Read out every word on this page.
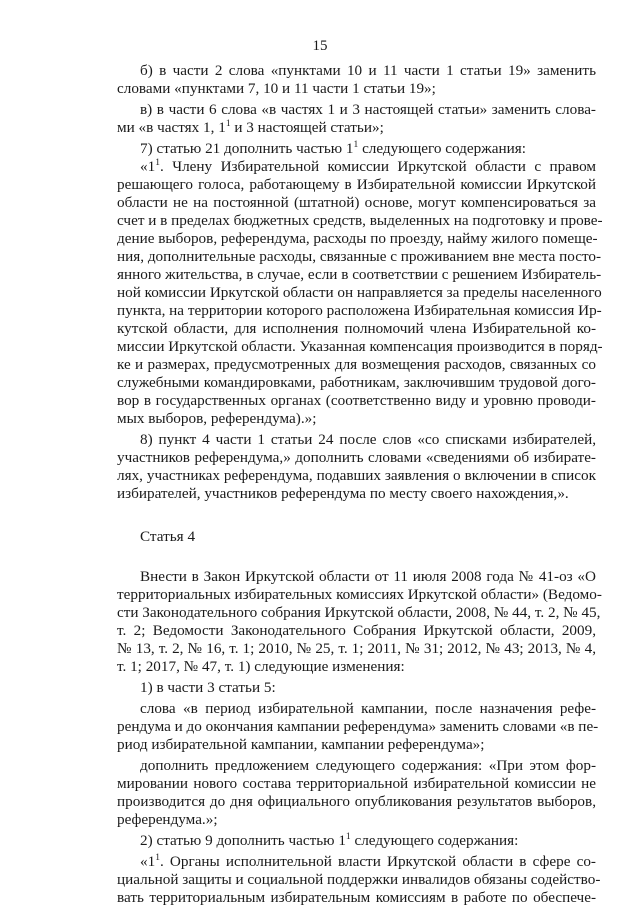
15
б) в части 2 слова «пунктами 10 и 11 части 1 статьи 19» заменить
словами «пунктами 7, 10 и 11 части 1 статьи 19»;
в) в части 6 слова «в частях 1 и 3 настоящей статьи» заменить слова-
ми «в частях 1, $1^1$ и 3 настоящей статьи»;
7) статью 21 дополнить частью $1^1$ следующего содержания:
«$1^1$. Члену Избирательной комиссии Иркутской области с правом
решающего голоса, работающему в Избирательной комиссии Иркутской
области не на постоянной (штатной) основе, могут компенсироваться за
счет и в пределах бюджетных средств, выделенных на подготовку и прове-
дение выборов, референдума, расходы по проезду, найму жилого помеще-
ния, дополнительные расходы, связанные с проживанием вне места посто-
янного жительства, в случае, если в соответствии с решением Избиратель-
ной комиссии Иркутской области он направляется за пределы населенного
пункта, на территории которого расположена Избирательная комиссия Ир-
кутской области, для исполнения полномочий члена Избирательной ко-
миссии Иркутской области. Указанная компенсация производится в поряд-
ке и размерах, предусмотренных для возмещения расходов, связанных со
служебными командировками, работникам, заключившим трудовой дого-
вор в государственных органах (соответственно виду и уровню проводи-
мых выборов, референдума).»;
8) пункт 4 части 1 статьи 24 после слов «со списками избирателей,
участников референдума,» дополнить словами «сведениями об избирате-
лях, участниках референдума, подавших заявления о включении в список
избирателей, участников референдума по месту своего нахождения,».
Статья 4
Внести в Закон Иркутской области от 11 июля 2008 года № 41-оз «О
территориальных избирательных комиссиях Иркутской области» (Ведомо-
сти Законодательного собрания Иркутской области, 2008, № 44, т. 2, № 45,
т. 2; Ведомости Законодательного Собрания Иркутской области, 2009,
№ 13, т. 2, № 16, т. 1; 2010, № 25, т. 1; 2011, № 31; 2012, № 43; 2013, № 4,
т. 1; 2017, № 47, т. 1) следующие изменения:
1) в части 3 статьи 5:
слова «в период избирательной кампании, после назначения рефе-
рендума и до окончания кампании референдума» заменить словами «в пе-
риод избирательной кампании, кампании референдума»;
дополнить предложением следующего содержания: «При этом фор-
мировании нового состава территориальной избирательной комиссии не
производится до дня официального опубликования результатов выборов,
референдума.»;
2) статью 9 дополнить частью $1^1$ следующего содержания:
«$1^1$. Органы исполнительной власти Иркутской области в сфере со-
циальной защиты и социальной поддержки инвалидов обязаны содейство-
вать территориальным избирательным комиссиям в работе по обеспече-
